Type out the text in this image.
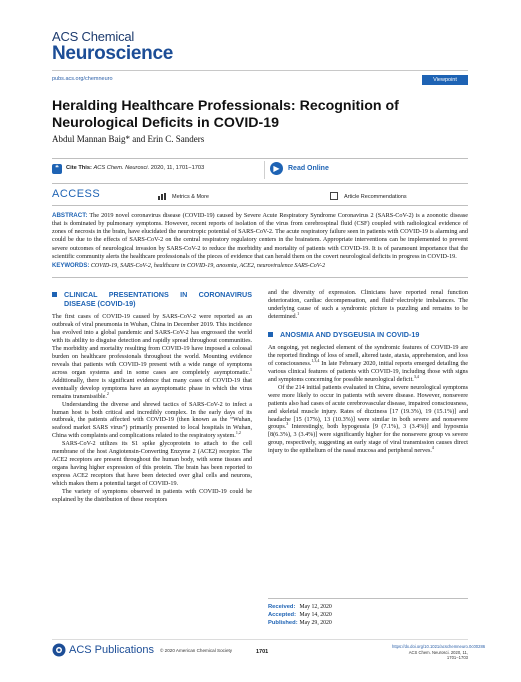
ACS Chemical
Neuroscience
pubs.acs.org/chemneuro	Viewpoint
Heralding Healthcare Professionals: Recognition of Neurological Deficits in COVID-19
Abdul Mannan Baig* and Erin C. Sanders
❝	Cite This: ACS Chem. Neurosci. 2020, 11, 1701−1703	▶	Read Online
ACCESS	Metrics & More	Article Recommendations
ABSTRACT: The 2019 novel coronavirus disease (COVID-19) caused by Severe Acute Respiratory Syndrome Coronavirus 2 (SARS-CoV-2) is a zoonotic disease that is dominated by pulmonary symptoms. However, recent reports of isolation of the virus from cerebrospinal fluid (CSF) coupled with radiological evidence of zones of necrosis in the brain, have elucidated the neurotropic potential of SARS-CoV-2. The acute respiratory failure seen in patients with COVID-19 is alarming and could be due to the effects of SARS-CoV-2 on the central respiratory regulatory centers in the brainstem. Appropriate interventions can be implemented to prevent severe outcomes of neurological invasion by SARS-CoV-2 to reduce the morbidity and mortality of patients with COVID-19. It is of paramount importance that the scientific community alerts the healthcare professionals of the pieces of evidence that can herald them on the covert neurological deficits in progress in COVID-19.
KEYWORDS: COVID-19, SARS-CoV-2, healthcare in COVID-19, anosmia, ACE2, neurovirulence SARS-CoV-2
CLINICAL PRESENTATIONS IN CORONAVIRUS DISEASE (COVID-19)

The first cases of COVID-19 caused by SARS-CoV-2 were reported as an outbreak of viral pneumonia in Wuhan, China in December 2019. This incidence has evolved into a global pandemic and SARS-CoV-2 has engrossed the world with its ability to disguise detection and rapidly spread throughout communities. The morbidity and mortality resulting from COVID-19 have imposed a colossal burden on healthcare professionals throughout the world. Mounting evidence reveals that patients with COVID-19 present with a wide range of symptoms across organ systems and in some cases are completely asymptomatic.$^1$ Additionally, there is significant evidence that many cases of COVID-19 that eventually develop symptoms have an asymptomatic phase in which the virus remains transmissible.$^2$

Understanding the diverse and shrewd tactics of SARS-CoV-2 to infect a human host is both critical and incredibly complex. In the early days of its outbreak, the patients affected with COVID-19 (then known as the “Wuhan, seafood market SARS virus”) primarily presented to local hospitals in Wuhan, China with complaints and complications related to the respiratory system.$^{1,2}$

SARS-CoV-2 utilizes its S1 spike glycoprotein to attach to the cell membrane of the host Angiotensin-Converting Enzyme 2 (ACE2) receptor. The ACE2 receptors are present throughout the human body, with some tissues and organs having higher expression of this protein. The brain has been reported to express ACE2 receptors that have been detected over glial cells and neurons, which makes them a potential target of COVID-19.

The variety of symptoms observed in patients with COVID-19 could be explained by the distribution of these receptors

and the diversity of expression. Clinicians have reported renal function deterioration, cardiac decompensation, and fluid−electrolyte imbalances. The underlying cause of such a syndromic picture is puzzling and remains to be determined.$^1$

ANOSMIA AND DYSGEUSIA IN COVID-19

An ongoing, yet neglected element of the syndromic features of COVID-19 are the reported findings of loss of smell, altered taste, ataxia, apprehension, and loss of consciousness.$^{1,3,4}$ In late February 2020, initial reports emerged detailing the various clinical features of patients with COVID-19, including those with signs and symptoms concerning for possible neurological deficit.$^{3,4}$

Of the 214 initial patients evaluated in China, severe neurological symptoms were more likely to occur in patients with severe disease. However, nonsevere patients also had cases of acute cerebrovascular disease, impaired consciousness, and skeletal muscle injury. Rates of dizziness [17 (19.3%), 19 (15.1%)] and headache [15 (17%), 13 (10.3%)] were similar in both severe and nonsevere groups.$^3$ Interestingly, both hypogeusia [9 (7.1%), 3 (3.4%)] and hyposmia [8(6.3%), 3 (3.4%)] were significantly higher for the nonsevere group vs severe group, respectively, suggesting an early stage of viral transmission causes direct injury to the epithelium of the nasal mucosa and peripheral nerves.$^4$

Received: May 12, 2020
Accepted: May 14, 2020
Published: May 29, 2020
ACS Publications © 2020 American Chemical Society	1701
https://dx.doi.org/10.1021/acschemneuro.0c00286
ACS Chem. Neurosci. 2020, 11, 1701−1703
